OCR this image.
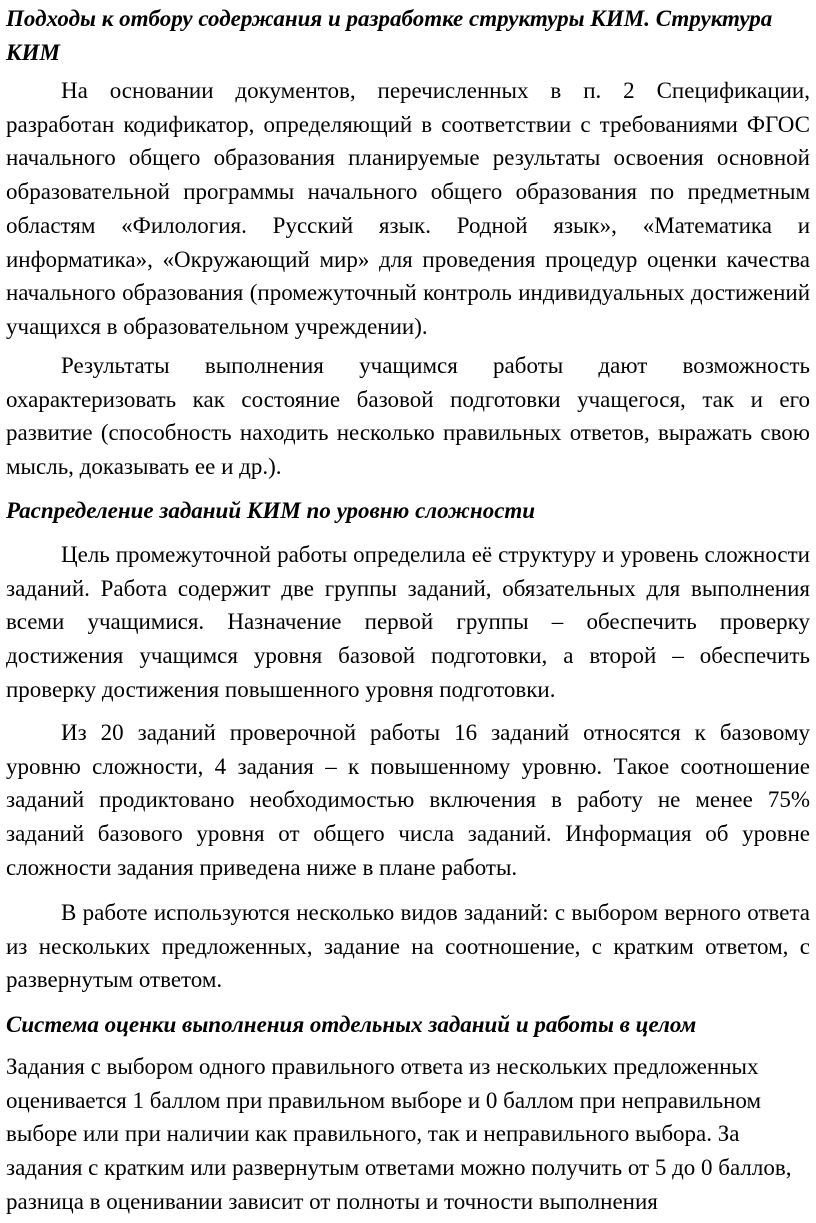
Подходы к отбору содержания и разработке структуры КИМ. Структура КИМ

На основании документов, перечисленных в п. 2 Спецификации, разработан кодификатор, определяющий в соответствии с требованиями ФГОС начального общего образования планируемые результаты освоения основной образовательной программы начального общего образования по предметным областям «Филология. Русский язык. Родной язык», «Математика и информатика», «Окружающий мир» для проведения процедур оценки качества начального образования (промежуточный контроль индивидуальных достижений учащихся в образовательном учреждении).

Результаты выполнения учащимся работы дают возможность охарактеризовать как состояние базовой подготовки учащегося, так и его развитие (способность находить несколько правильных ответов, выражать свою мысль, доказывать ее и др.).

Распределение заданий КИМ по уровню сложности

Цель промежуточной работы определила её структуру и уровень сложности заданий. Работа содержит две группы заданий, обязательных для выполнения всеми учащимися. Назначение первой группы – обеспечить проверку достижения учащимся уровня базовой подготовки, а второй – обеспечить проверку достижения повышенного уровня подготовки.

Из 20 заданий проверочной работы 16 заданий относятся к базовому уровню сложности, 4 задания – к повышенному уровню. Такое соотношение заданий продиктовано необходимостью включения в работу не менее 75% заданий базового уровня от общего числа заданий. Информация об уровне сложности задания приведена ниже в плане работы.

В работе используются несколько видов заданий: с выбором верного ответа из нескольких предложенных, задание на соотношение, с кратким ответом, с развернутым ответом.

Система оценки выполнения отдельных заданий и работы в целом

Задания с выбором одного правильного ответа из нескольких предложенных оценивается 1 баллом при правильном выборе и 0 баллом при неправильном выборе или при наличии как правильного, так и неправильного выбора. За задания с кратким или развернутым ответами можно получить от 5 до 0 баллов, разница в оценивании зависит от полноты и точности выполнения
